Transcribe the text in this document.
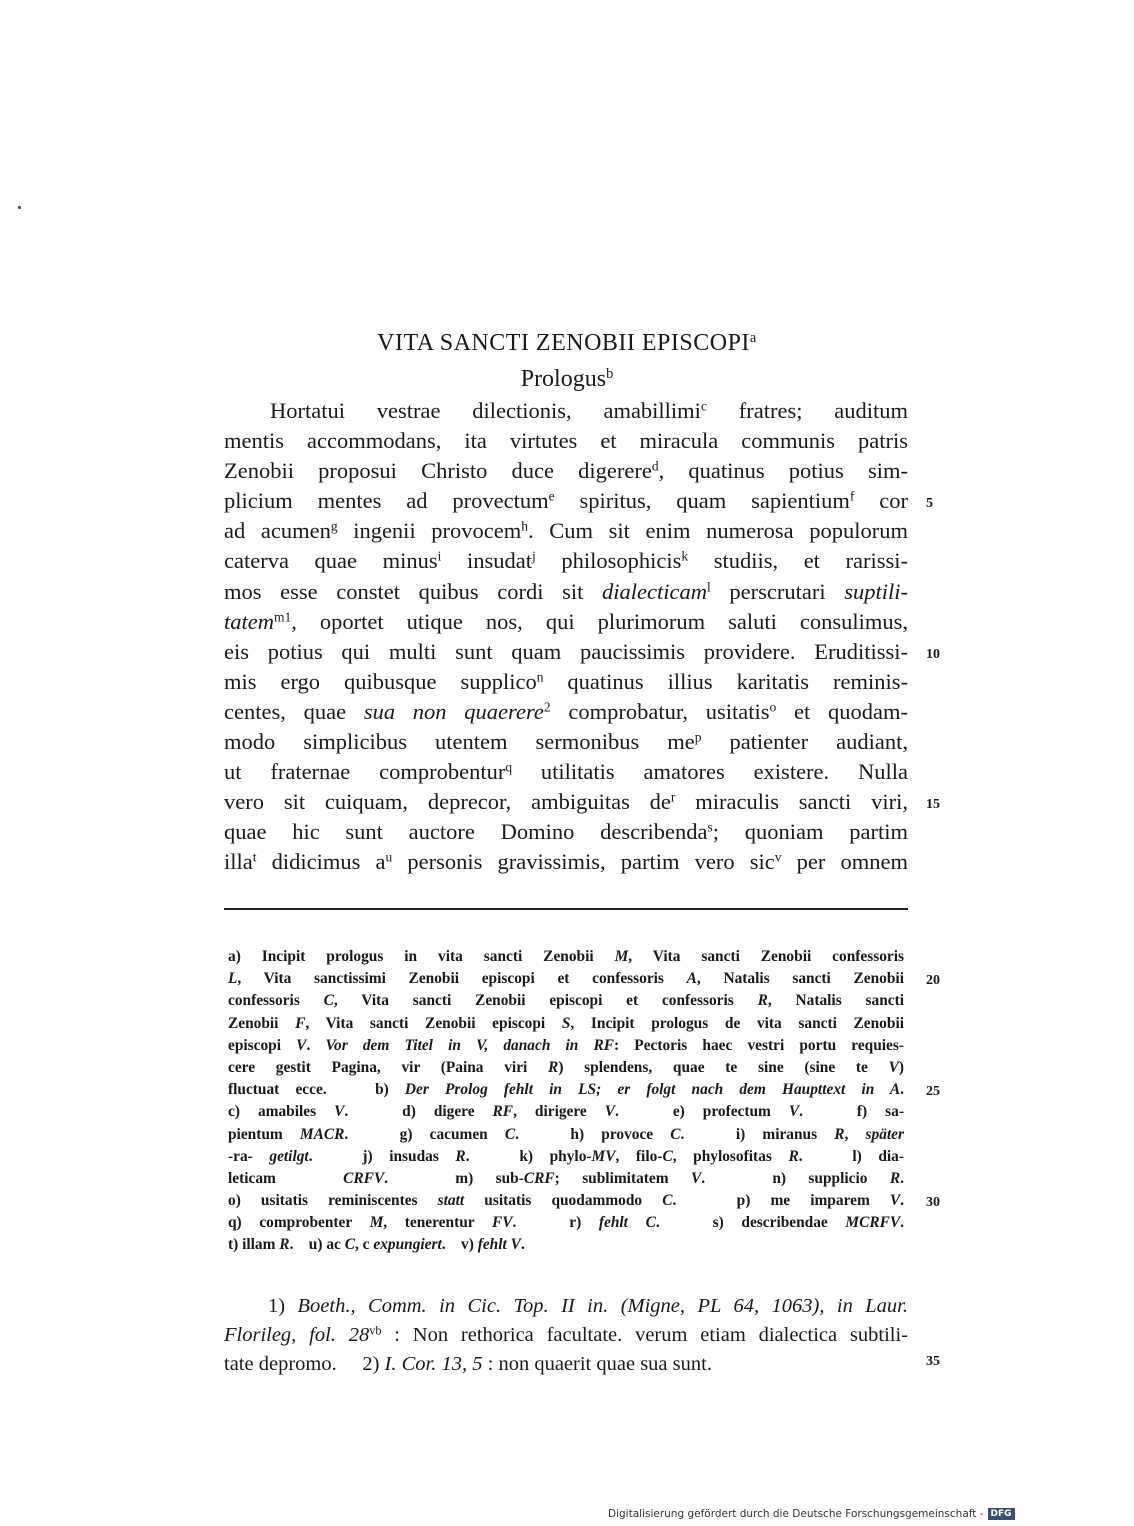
VITA SANCTI ZENOBII EPISCOPI$^a$
Prologus$^b$
Hortatui vestrae dilectionis, amabillimi$^c$ fratres; auditum
mentis accommodans, ita virtutes et miracula communis patris
Zenobii proposui Christo duce digerere$^d$, quatinus potius sim-
plicium mentes ad provectum$^e$ spiritus, quam sapientium$^f$ cor
ad acumen$^g$ ingenii provocem$^h$. Cum sit enim numerosa populorum
caterva quae minus$^i$ insudat$^j$ philosophicis$^k$ studiis, et rarissi-
mos esse constet quibus cordi sit dialecticam$^l$ perscrutari suptili-
tatem$^{m1}$, oportet utique nos, qui plurimorum saluti consulimus,
eis potius qui multi sunt quam paucissimis providere. Eruditissi-
mis ergo quibusque supplico$^n$ quatinus illius karitatis reminis-
centes, quae sua non quaerere$^2$ comprobatur, usitatis$^o$ et quodam-
modo simplicibus utentem sermonibus $me^p$ patienter audiant,
ut fraternae comprobentur$^q$ utilitatis amatores existere. Nulla
vero sit cuiquam, deprecor, ambiguitas $de^r$ miraculis sancti viri,
quae hic sunt auctore Domino describenda$^s$; quoniam partim
illa$^t$ didicimus $a^u$ personis gravissimis, partim vero sic$^v$ per omnem
5
10
15
a) Incipit prologus in vita sancti Zenobii M, Vita sancti Zenobii confessoris
L, Vita sanctissimi Zenobii episcopi et confessoris A, Natalis sancti Zenobii
confessoris C, Vita sancti Zenobii episcopi et confessoris R, Natalis sancti
Zenobii F, Vita sancti Zenobii episcopi S, Incipit prologus de vita sancti Zenobii
episcopi V. Vor dem Titel in V, danach in RF: Pectoris haec vestri portu requies-
cere gestit Pagina, vir (Paina viri R) splendens, quae te sine (sine te V)
fluctuat ecce.   b) Der Prolog fehlt in LS; er folgt nach dem Haupttext in A.
c) amabiles V.   d) digere RF, dirigere V.   e) profectum V.   f) sa-
pientum MACR.   g) cacumen C.   h) provoce C.   i) miranus R, später
-ra- getilgt.   j) insudas R.   k) phylo-MV, filo-C, phylosofitas R.   l) dia-
leticam   CRFV.   m) sub-CRF; sublimitatem V.   n) supplicio R.
o) usitatis reminiscentes statt usitatis quodammodo C.   p) me imparem V.
q) comprobenter M, tenerentur FV.   r) fehlt C.   s) describendae MCRFV.
t) illam R.    u) ac C, c expungiert.    v) fehlt V.
20
25
30
1) Boeth., Comm. in Cic. Top. II in. (Migne, PL 64, 1063), in Laur.
Florileg, fol. $28^{vb}$ : Non rethorica facultate. verum etiam dialectica subtili-
tate depromo.     2) I. Cor. 13, 5 : non quaerit quae sua sunt.	35
Digitalisierung gefördert durch die Deutsche Forschungsgemeinschaft - DFG
